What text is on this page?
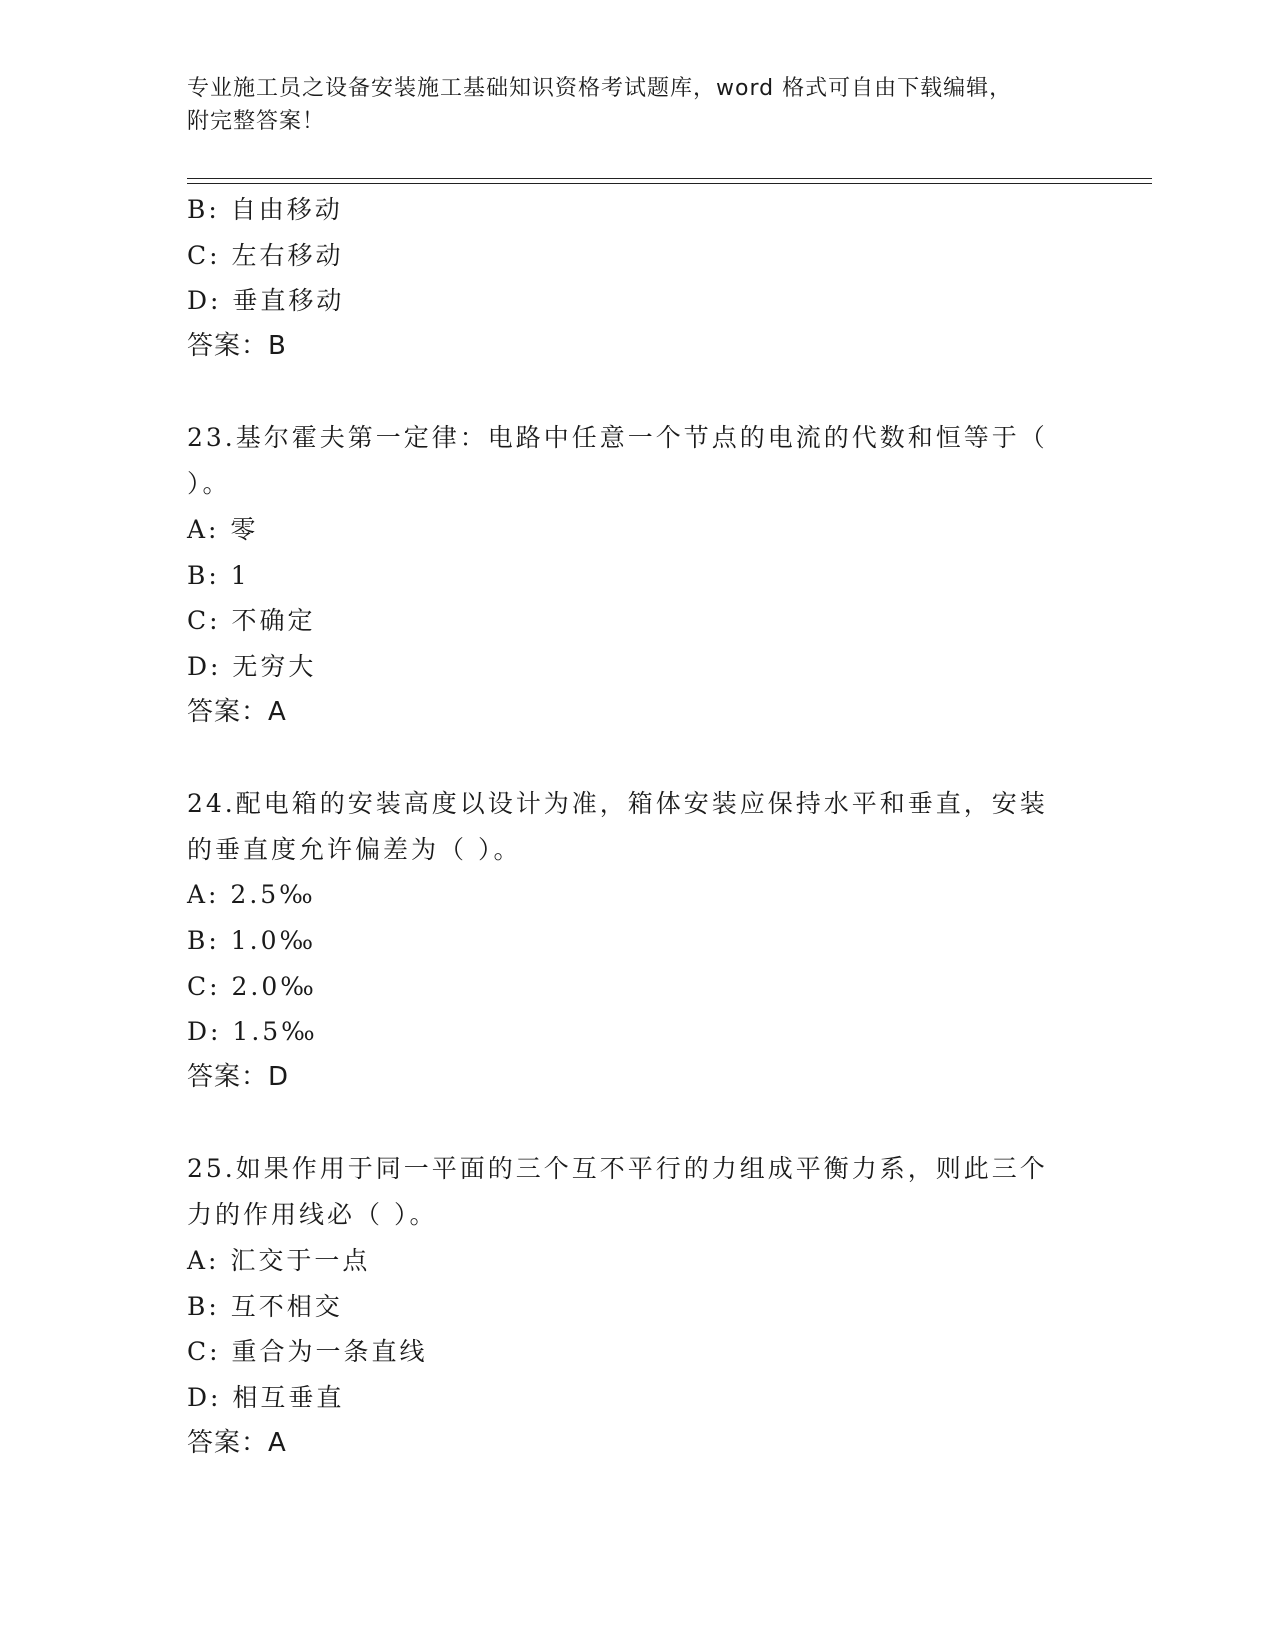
专业施工员之设备安装施工基础知识资格考试题库，word 格式可自由下载编辑，
附完整答案！
B: 自由移动
C: 左右移动
D: 垂直移动
答案：B
23.基尔霍夫第一定律：电路中任意一个节点的电流的代数和恒等于（
）。
A: 零
B: 1
C: 不确定
D: 无穷大
答案：A
24.配电箱的安装高度以设计为准，箱体安装应保持水平和垂直，安装
的垂直度允许偏差为（ ）。
A: 2.5‰
B: 1.0‰
C: 2.0‰
D: 1.5‰
答案：D
25.如果作用于同一平面的三个互不平行的力组成平衡力系，则此三个
力的作用线必（ ）。
A: 汇交于一点
B: 互不相交
C: 重合为一条直线
D: 相互垂直
答案：A
